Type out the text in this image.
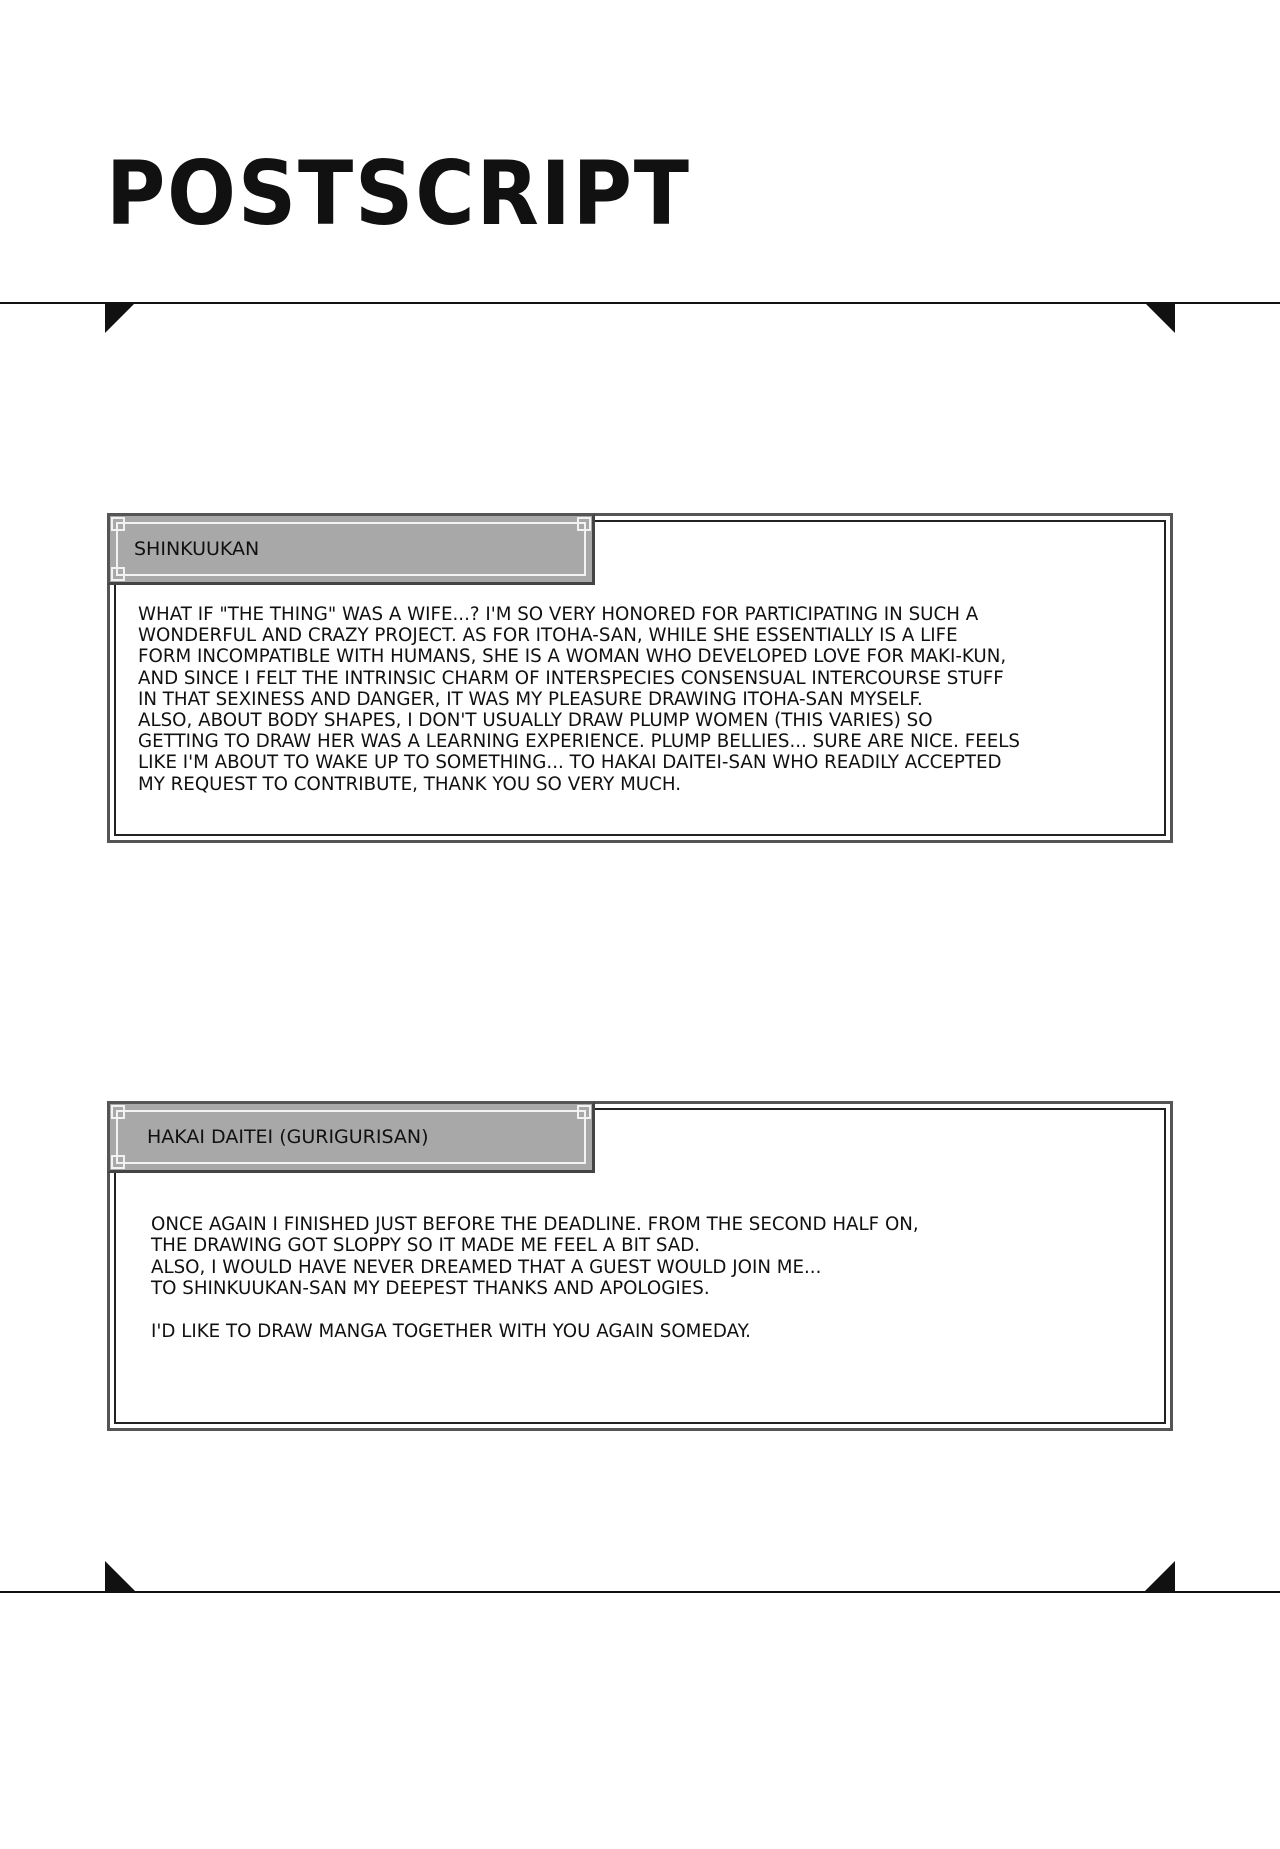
POSTSCRIPT
SHINKUUKAN

WHAT IF "THE THING" WAS A WIFE...? I'M SO VERY HONORED FOR PARTICIPATING IN SUCH A
WONDERFUL AND CRAZY PROJECT. AS FOR ITOHA-SAN, WHILE SHE ESSENTIALLY IS A LIFE
FORM INCOMPATIBLE WITH HUMANS, SHE IS A WOMAN WHO DEVELOPED LOVE FOR MAKI-KUN,
AND SINCE I FELT THE INTRINSIC CHARM OF INTERSPECIES CONSENSUAL INTERCOURSE STUFF
IN THAT SEXINESS AND DANGER, IT WAS MY PLEASURE DRAWING ITOHA-SAN MYSELF.
ALSO, ABOUT BODY SHAPES, I DON'T USUALLY DRAW PLUMP WOMEN (THIS VARIES) SO
GETTING TO DRAW HER WAS A LEARNING EXPERIENCE. PLUMP BELLIES... SURE ARE NICE. FEELS
LIKE I'M ABOUT TO WAKE UP TO SOMETHING... TO HAKAI DAITEI-SAN WHO READILY ACCEPTED
MY REQUEST TO CONTRIBUTE, THANK YOU SO VERY MUCH.

HAKAI DAITEI (GURIGURISAN)

ONCE AGAIN I FINISHED JUST BEFORE THE DEADLINE. FROM THE SECOND HALF ON,
THE DRAWING GOT SLOPPY SO IT MADE ME FEEL A BIT SAD.
ALSO, I WOULD HAVE NEVER DREAMED THAT A GUEST WOULD JOIN ME...
TO SHINKUUKAN-SAN MY DEEPEST THANKS AND APOLOGIES.

I'D LIKE TO DRAW MANGA TOGETHER WITH YOU AGAIN SOMEDAY.
